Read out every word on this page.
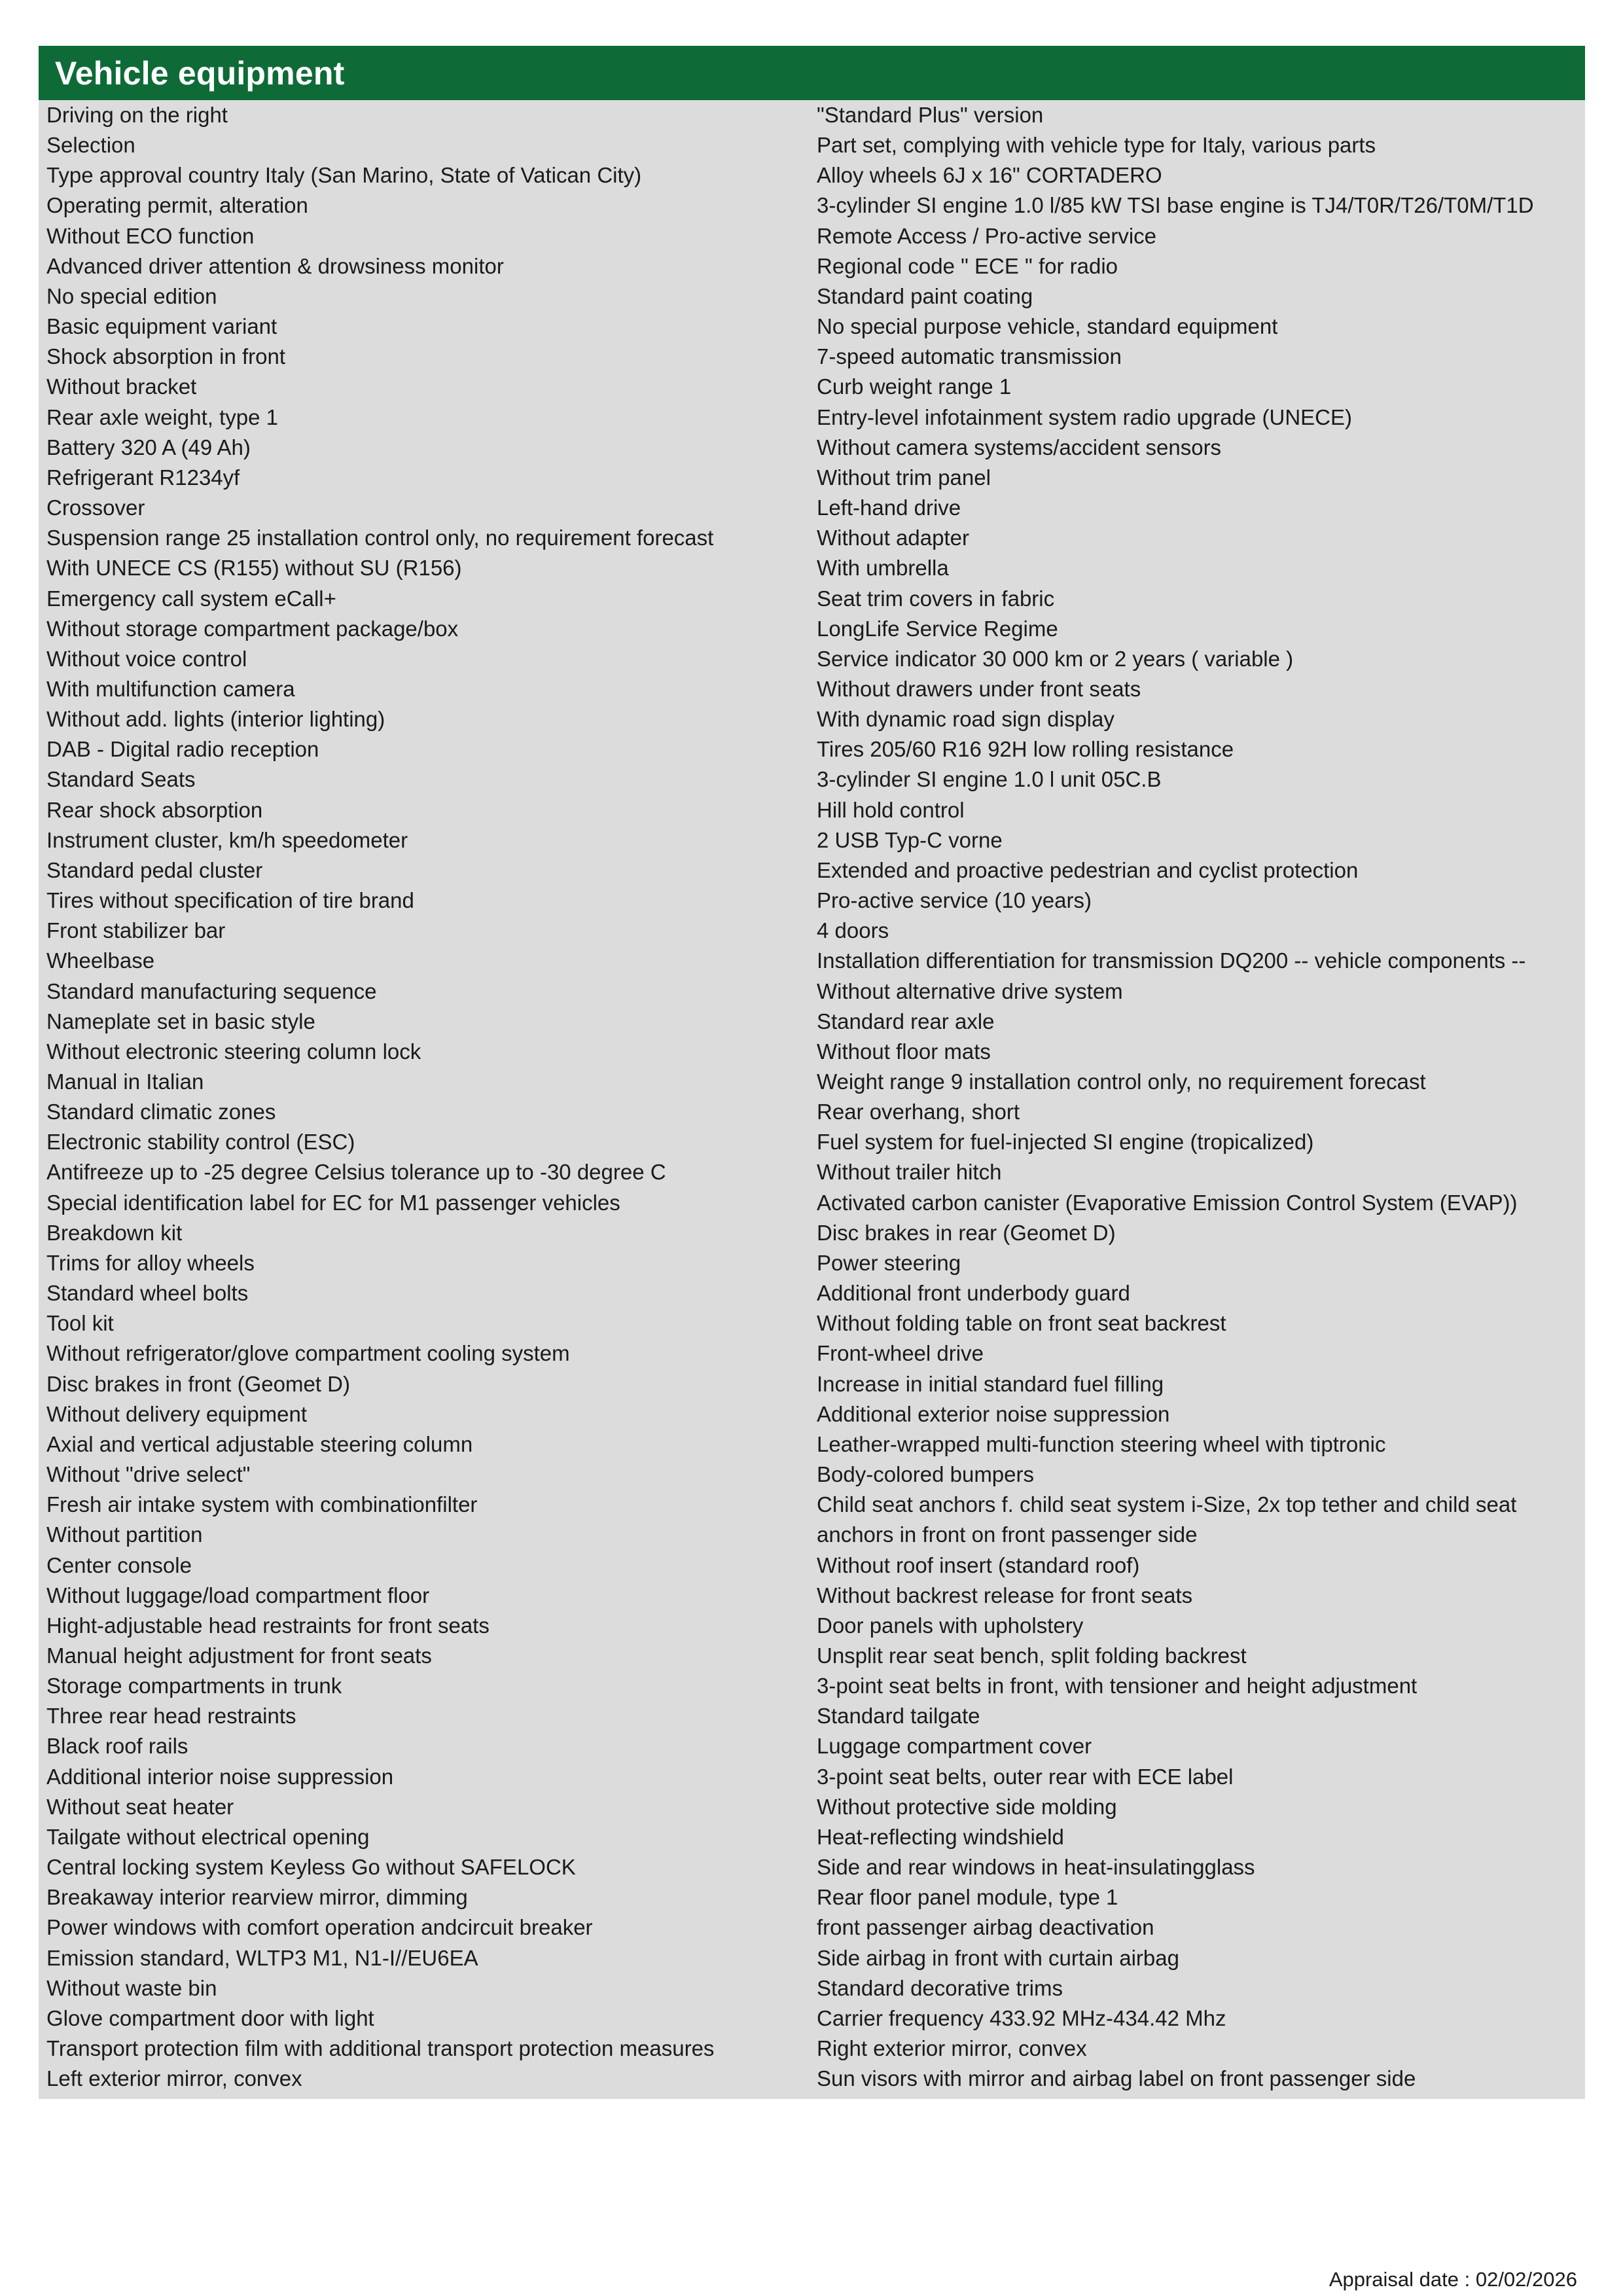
Vehicle equipment
Driving on the right
Selection
Type approval country Italy (San Marino, State of Vatican City)
Operating permit, alteration
Without ECO function
Advanced driver attention & drowsiness monitor
No special edition
Basic equipment variant
Shock absorption in front
Without bracket
Rear axle weight, type 1
Battery 320 A (49 Ah)
Refrigerant R1234yf
Crossover
Suspension range 25 installation control only, no requirement forecast
With UNECE CS (R155) without SU (R156)
Emergency call system eCall+
Without storage compartment package/box
Without voice control
With multifunction camera
Without add. lights (interior lighting)
DAB - Digital radio reception
Standard Seats
Rear shock absorption
Instrument cluster, km/h speedometer
Standard pedal cluster
Tires without specification of tire brand
Front stabilizer bar
Wheelbase
Standard manufacturing sequence
Nameplate set in basic style
Without electronic steering column lock
Manual in Italian
Standard climatic zones
Electronic stability control (ESC)
Antifreeze up to -25 degree Celsius tolerance up to -30 degree C
Special identification label for EC for M1 passenger vehicles
Breakdown kit
Trims for alloy wheels
Standard wheel bolts
Tool kit
Without refrigerator/glove compartment cooling system
Disc brakes in front (Geomet D)
Without delivery equipment
Axial and vertical adjustable steering column
Without "drive select"
Fresh air intake system with combinationfilter
Without partition
Center console
Without luggage/load compartment floor
Hight-adjustable head restraints for front seats
Manual height adjustment for front seats
Storage compartments in trunk
Three rear head restraints
Black roof rails
Additional interior noise suppression
Without seat heater
Tailgate without electrical opening
Central locking system Keyless Go without SAFELOCK
Breakaway interior rearview mirror, dimming
Power windows with comfort operation andcircuit breaker
Emission standard, WLTP3 M1, N1-I//EU6EA
Without waste bin
Glove compartment door with light
Transport protection film with additional transport protection measures
Left exterior mirror, convex
"Standard Plus" version
Part set, complying with vehicle type for Italy, various parts
Alloy wheels 6J x 16" CORTADERO
3-cylinder SI engine 1.0 l/85 kW TSI base engine is TJ4/T0R/T26/T0M/T1D
Remote Access / Pro-active service
Regional code " ECE " for radio
Standard paint coating
No special purpose vehicle, standard equipment
7-speed automatic transmission
Curb weight range 1
Entry-level infotainment system radio upgrade (UNECE)
Without camera systems/accident sensors
Without trim panel
Left-hand drive
Without adapter
With umbrella
Seat trim covers in fabric
LongLife Service Regime
Service indicator 30 000 km or 2 years ( variable )
Without drawers under front seats
With dynamic road sign display
Tires 205/60 R16 92H low rolling resistance
3-cylinder SI engine 1.0 l unit 05C.B
Hill hold control
2 USB Typ-C vorne
Extended and proactive pedestrian and cyclist protection
Pro-active service (10 years)
4 doors
Installation differentiation for transmission DQ200 -- vehicle components --
Without alternative drive system
Standard rear axle
Without floor mats
Weight range 9 installation control only, no requirement forecast
Rear overhang, short
Fuel system for fuel-injected SI engine (tropicalized)
Without trailer hitch
Activated carbon canister (Evaporative Emission Control System (EVAP))
Disc brakes in rear (Geomet D)
Power steering
Additional front underbody guard
Without folding table on front seat backrest
Front-wheel drive
Increase in initial standard fuel filling
Additional exterior noise suppression
Leather-wrapped multi-function steering wheel with tiptronic
Body-colored bumpers
Child seat anchors f. child seat system i-Size, 2x top tether and child seat anchors in front on front passenger side
Without roof insert (standard roof)
Without backrest release for front seats
Door panels with upholstery
Unsplit rear seat bench, split folding backrest
3-point seat belts in front, with tensioner and height adjustment
Standard tailgate
Luggage compartment cover
3-point seat belts, outer rear with ECE label
Without protective side molding
Heat-reflecting windshield
Side and rear windows in heat-insulatingglass
Rear floor panel module, type 1
front passenger airbag deactivation
Side airbag in front with curtain airbag
Standard decorative trims
Carrier frequency 433.92 MHz-434.42 Mhz
Right exterior mirror, convex
Sun visors with mirror and airbag label on front passenger side
Appraisal date : 02/02/2026
